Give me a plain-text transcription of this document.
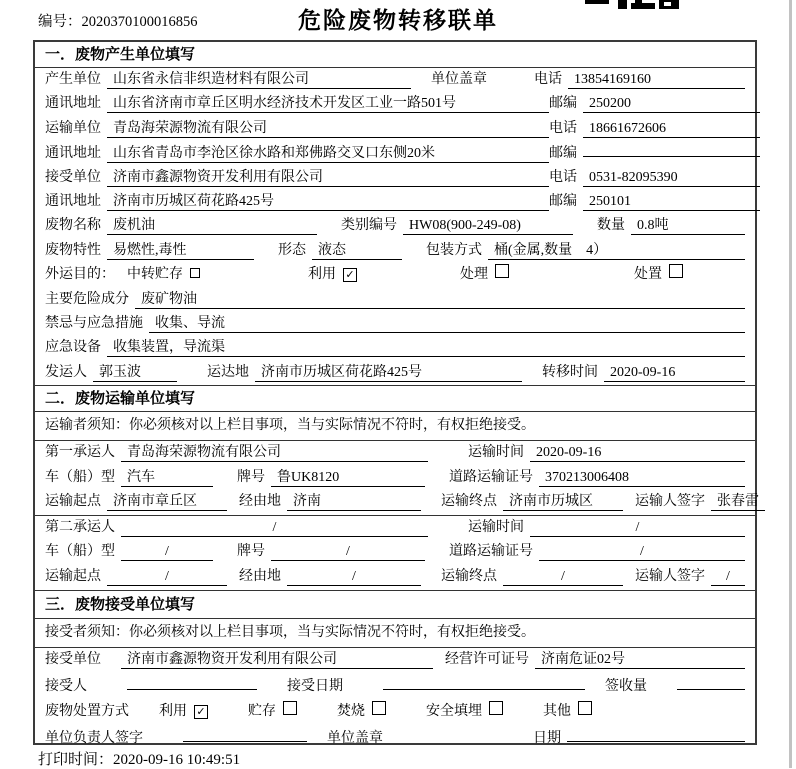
编号：2020370100016856	危险废物转移联单
一．废物产生单位填写
产生单位 山东省永信非织造材料有限公司	单位盖章	电话 13854169160
通讯地址 山东省济南市章丘区明水经济技术开发区工业一路501号	邮编 250200
运输单位 青岛海荣源物流有限公司	电话 18661672606
通讯地址 山东省青岛市李沧区徐水路和郑佛路交叉口东侧20米	邮编
接受单位 济南市鑫源物资开发利用有限公司	电话 0531-82095390
通讯地址 济南市历城区荷花路425号	邮编 250101
废物名称 废机油	类别编号 HW08(900-249-08)	数量 0.8吨
废物特性 易燃性,毒性	形态 液态	包装方式 桶(金属,数量　4）
外运目的： 中转贮存	利用 ✓	处理	处置
主要危险成分 废矿物油
禁忌与应急措施 收集、导流
应急设备 收集装置，导流渠
发运人 郭玉波	运达地 济南市历城区荷花路425号	转移时间 2020-09-16
二．废物运输单位填写
运输者须知：你必须核对以上栏目事项，当与实际情况不符时，有权拒绝接受。
第一承运人 青岛海荣源物流有限公司	运输时间 2020-09-16
车（船）型 汽车	牌号 鲁UK8120	道路运输证号 370213006408
运输起点 济南市章丘区	经由地 济南	运输终点 济南市历城区	运输人签字 张春雷
第二承运人	/	运输时间	/
车（船）型	/	牌号	/	道路运输证号	/
运输起点	/	经由地	/	运输终点	/	运输人签字	/
三．废物接受单位填写
接受者须知：你必须核对以上栏目事项，当与实际情况不符时，有权拒绝接受。
接受单位	济南市鑫源物资开发利用有限公司	经营许可证号 济南危证02号
接受人	接受日期	签收量
废物处置方式 利用 ✓	贮存	焚烧	安全填埋	其他
单位负责人签字	单位盖章	日期
打印时间：2020-09-16 10:49:51
